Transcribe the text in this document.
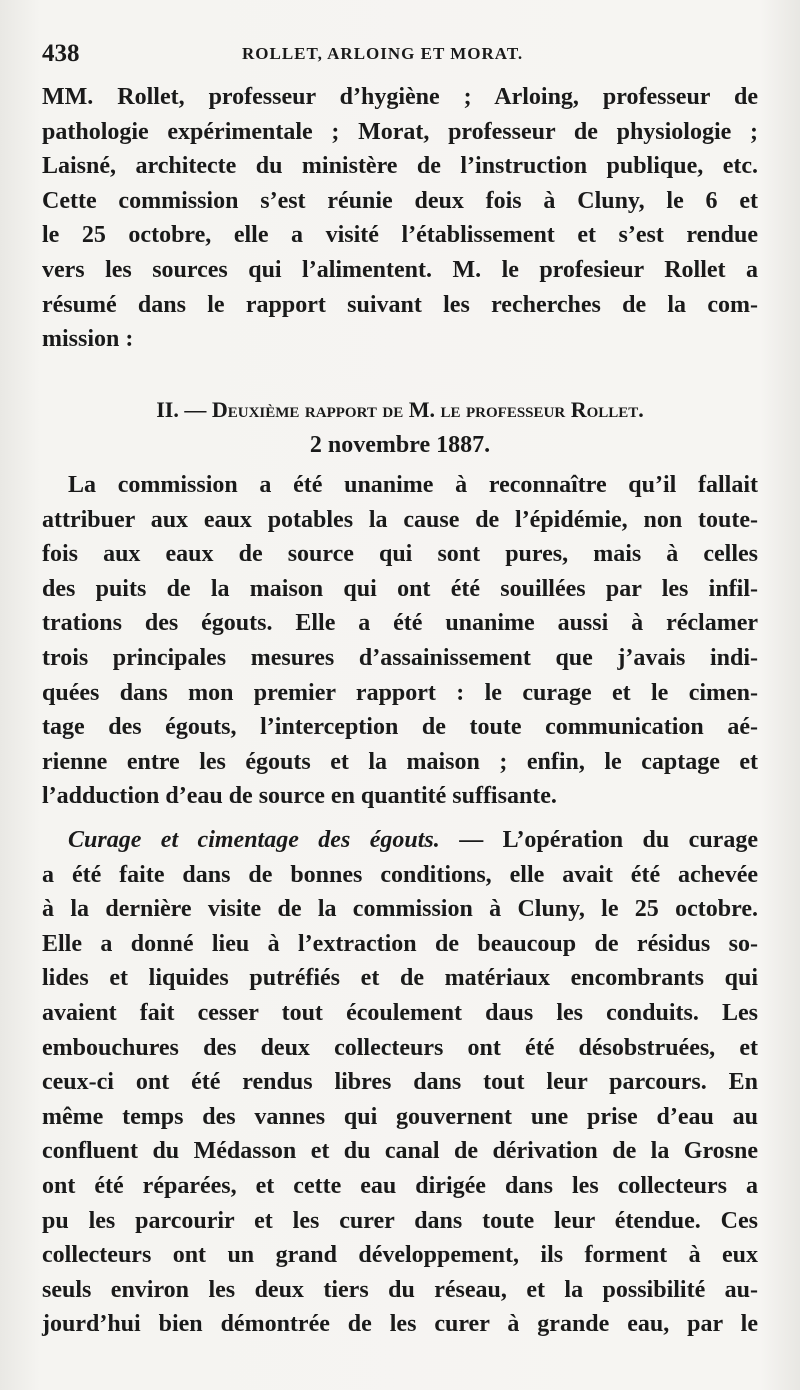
438	ROLLET, ARLOING ET MORAT.
MM. Rollet, professeur d’hygiène ; Arloing, professeur de
pathologie expérimentale ; Morat, professeur de physiologie ;
Laisné, architecte du ministère de l’instruction publique, etc.
Cette commission s’est réunie deux fois à Cluny, le 6 et
le 25 octobre, elle a visité l’établissement et s’est rendue
vers les sources qui l’alimentent. M. le profesieur Rollet a
résumé dans le rapport suivant les recherches de la com-
mission :
II. — Deuxième rapport de M. le professeur Rollet.
2 novembre 1887.
La commission a été unanime à reconnaître qu’il fallait
attribuer aux eaux potables la cause de l’épidémie, non toute-
fois aux eaux de source qui sont pures, mais à celles
des puits de la maison qui ont été souillées par les infil-
trations des égouts. Elle a été unanime aussi à réclamer
trois principales mesures d’assainissement que j’avais indi-
quées dans mon premier rapport : le curage et le cimen-
tage des égouts, l’interception de toute communication aé-
rienne entre les égouts et la maison ; enfin, le captage et
l’adduction d’eau de source en quantité suffisante.
Curage et cimentage des égouts. — L’opération du curage
a été faite dans de bonnes conditions, elle avait été achevée
à la dernière visite de la commission à Cluny, le 25 octobre.
Elle a donné lieu à l’extraction de beaucoup de résidus so-
lides et liquides putréfiés et de matériaux encombrants qui
avaient fait cesser tout écoulement daus les conduits. Les
embouchures des deux collecteurs ont été désobstruées, et
ceux-ci ont été rendus libres dans tout leur parcours. En
même temps des vannes qui gouvernent une prise d’eau au
confluent du Médasson et du canal de dérivation de la Grosne
ont été réparées, et cette eau dirigée dans les collecteurs a
pu les parcourir et les curer dans toute leur étendue. Ces
collecteurs ont un grand développement, ils forment à eux
seuls environ les deux tiers du réseau, et la possibilité au-
jourd’hui bien démontrée de les curer à grande eau, par le
